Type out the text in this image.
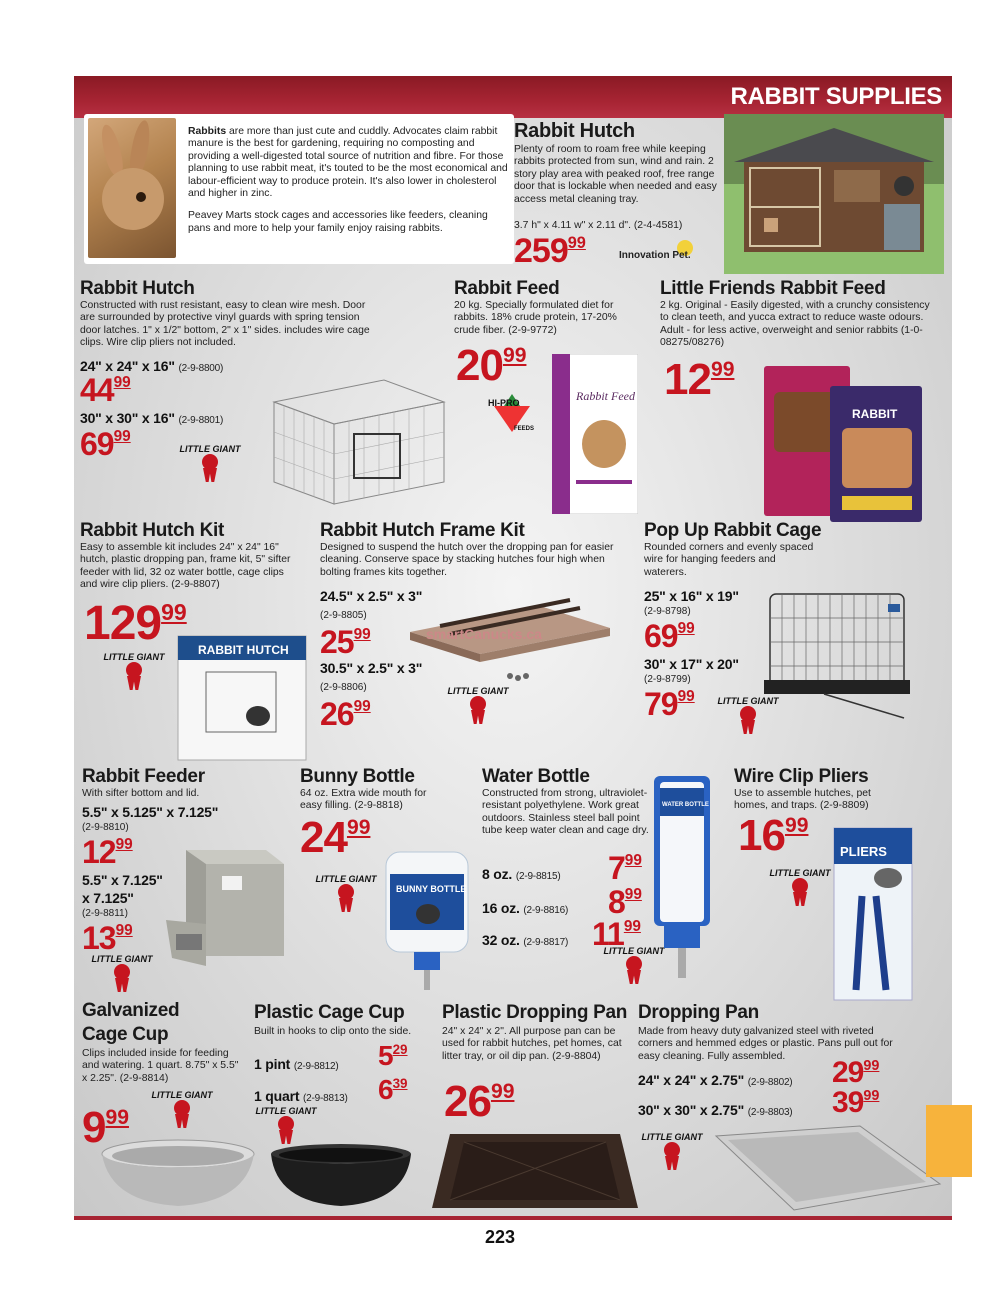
RABBIT SUPPLIES

Rabbits are more than just cute and cuddly. Advocates claim rabbit manure is the best for gardening, requiring no composting and providing a well-digested total source of nutrition and fibre. For those planning to use rabbit meat, it's touted to be the most economical and labour-efficient way to produce protein. It's also lower in cholesterol and higher in zinc.

Peavey Marts stock cages and accessories like feeders, cleaning pans and more to help your family enjoy raising rabbits.

Rabbit Hutch
Plenty of room to roam free while keeping rabbits protected from sun, wind and rain. 2 story play area with peaked roof, free range door that is lockable when needed and easy access metal cleaning tray.
3.7 h" x 4.11 w" x 2.11 d". (2-4-4581)
25999
Innovation Pet.
Rabbit Hutch
Constructed with rust resistant, easy to clean wire mesh. Door are surrounded by protective vinyl guards with spring tension door latches. 1" x 1/2" bottom, 2" x 1" sides. includes wire cage clips. Wire clip pliers not included.
24" x 24" x 16" (2-9-8800)
4499
30" x 30" x 16" (2-9-8801)
6999
LITTLE GIANT
Rabbit Feed
20 kg. Specially formulated diet for rabbits. 18% crude protein, 17-20% crude fiber. (2-9-9772)
2099
HI-PRO
FEEDS
Rabbit Feed
Little Friends Rabbit Feed
2 kg. Original - Easily digested, with a crunchy consistency to clean teeth, and yucca extract to reduce waste odours. Adult - for less active, overweight and senior rabbits (1-0-08275/08276)
1299
RABBIT
Rabbit Hutch Kit
Easy to assemble kit includes 24" x 24" 16" hutch, plastic dropping pan, frame kit, 5" sifter feeder with lid, 32 oz water bottle, cage clips and wire clip pliers. (2-9-8807)
12999
LITTLE GIANT	RABBIT HUTCH
Rabbit Hutch Frame Kit
Designed to suspend the hutch over the dropping pan for easier cleaning. Conserve space by stacking hutches four high when bolting frames kits together.
24.5" x 2.5" x 3"
(2-9-8805)
2599
30.5" x 2.5" x 3"
(2-9-8806)
2699
LITTLE GIANT
smartCanucks.ca
Pop Up Rabbit Cage
Rounded corners and evenly spaced wire for hanging feeders and waterers.
25" x 16" x 19"
(2-9-8798)
6999
30" x 17" x 20"
(2-9-8799)
7999	LITTLE GIANT
Rabbit Feeder
With sifter bottom and lid.
5.5" x 5.125" x 7.125"
(2-9-8810)
1299
5.5" x 7.125"
x 7.125"
(2-9-8811)
1399
LITTLE GIANT
Bunny Bottle
64 oz. Extra wide mouth for easy filling. (2-9-8818)
2499
LITTLE GIANT
BUNNY BOTTLE
Water Bottle
Constructed from strong, ultraviolet-resistant polyethylene. Work great outdoors. Stainless steel ball point tube keep water clean and cage dry.
8 oz. (2-9-8815) 799
16 oz. (2-9-8816) 899
32 oz. (2-9-8817) 1199
LITTLE GIANT
WATER BOTTLE
Wire Clip Pliers
Use to assemble hutches, pet homes, and traps. (2-9-8809)
1699
LITTLE GIANT
PLIERS
Galvanized
Cage Cup
Clips included inside for feeding and watering. 1 quart. 8.75" x 5.5" x 2.25". (2-9-8814)
999
LITTLE GIANT
Plastic Cage Cup
Built in hooks to clip onto the side.
1 pint (2-9-8812) 529
1 quart (2-9-8813) 639
LITTLE GIANT
Plastic Dropping Pan
24" x 24" x 2". All purpose pan can be used for rabbit hutches, pet homes, cat litter tray, or oil dip pan. (2-9-8804)
2699
Dropping Pan
Made from heavy duty galvanized steel with riveted corners and hemmed edges or plastic. Pans pull out for easy cleaning. Fully assembled.
24" x 24" x 2.75" (2-9-8802) 2999
30" x 30" x 2.75" (2-9-8803) 3999
LITTLE GIANT
223
